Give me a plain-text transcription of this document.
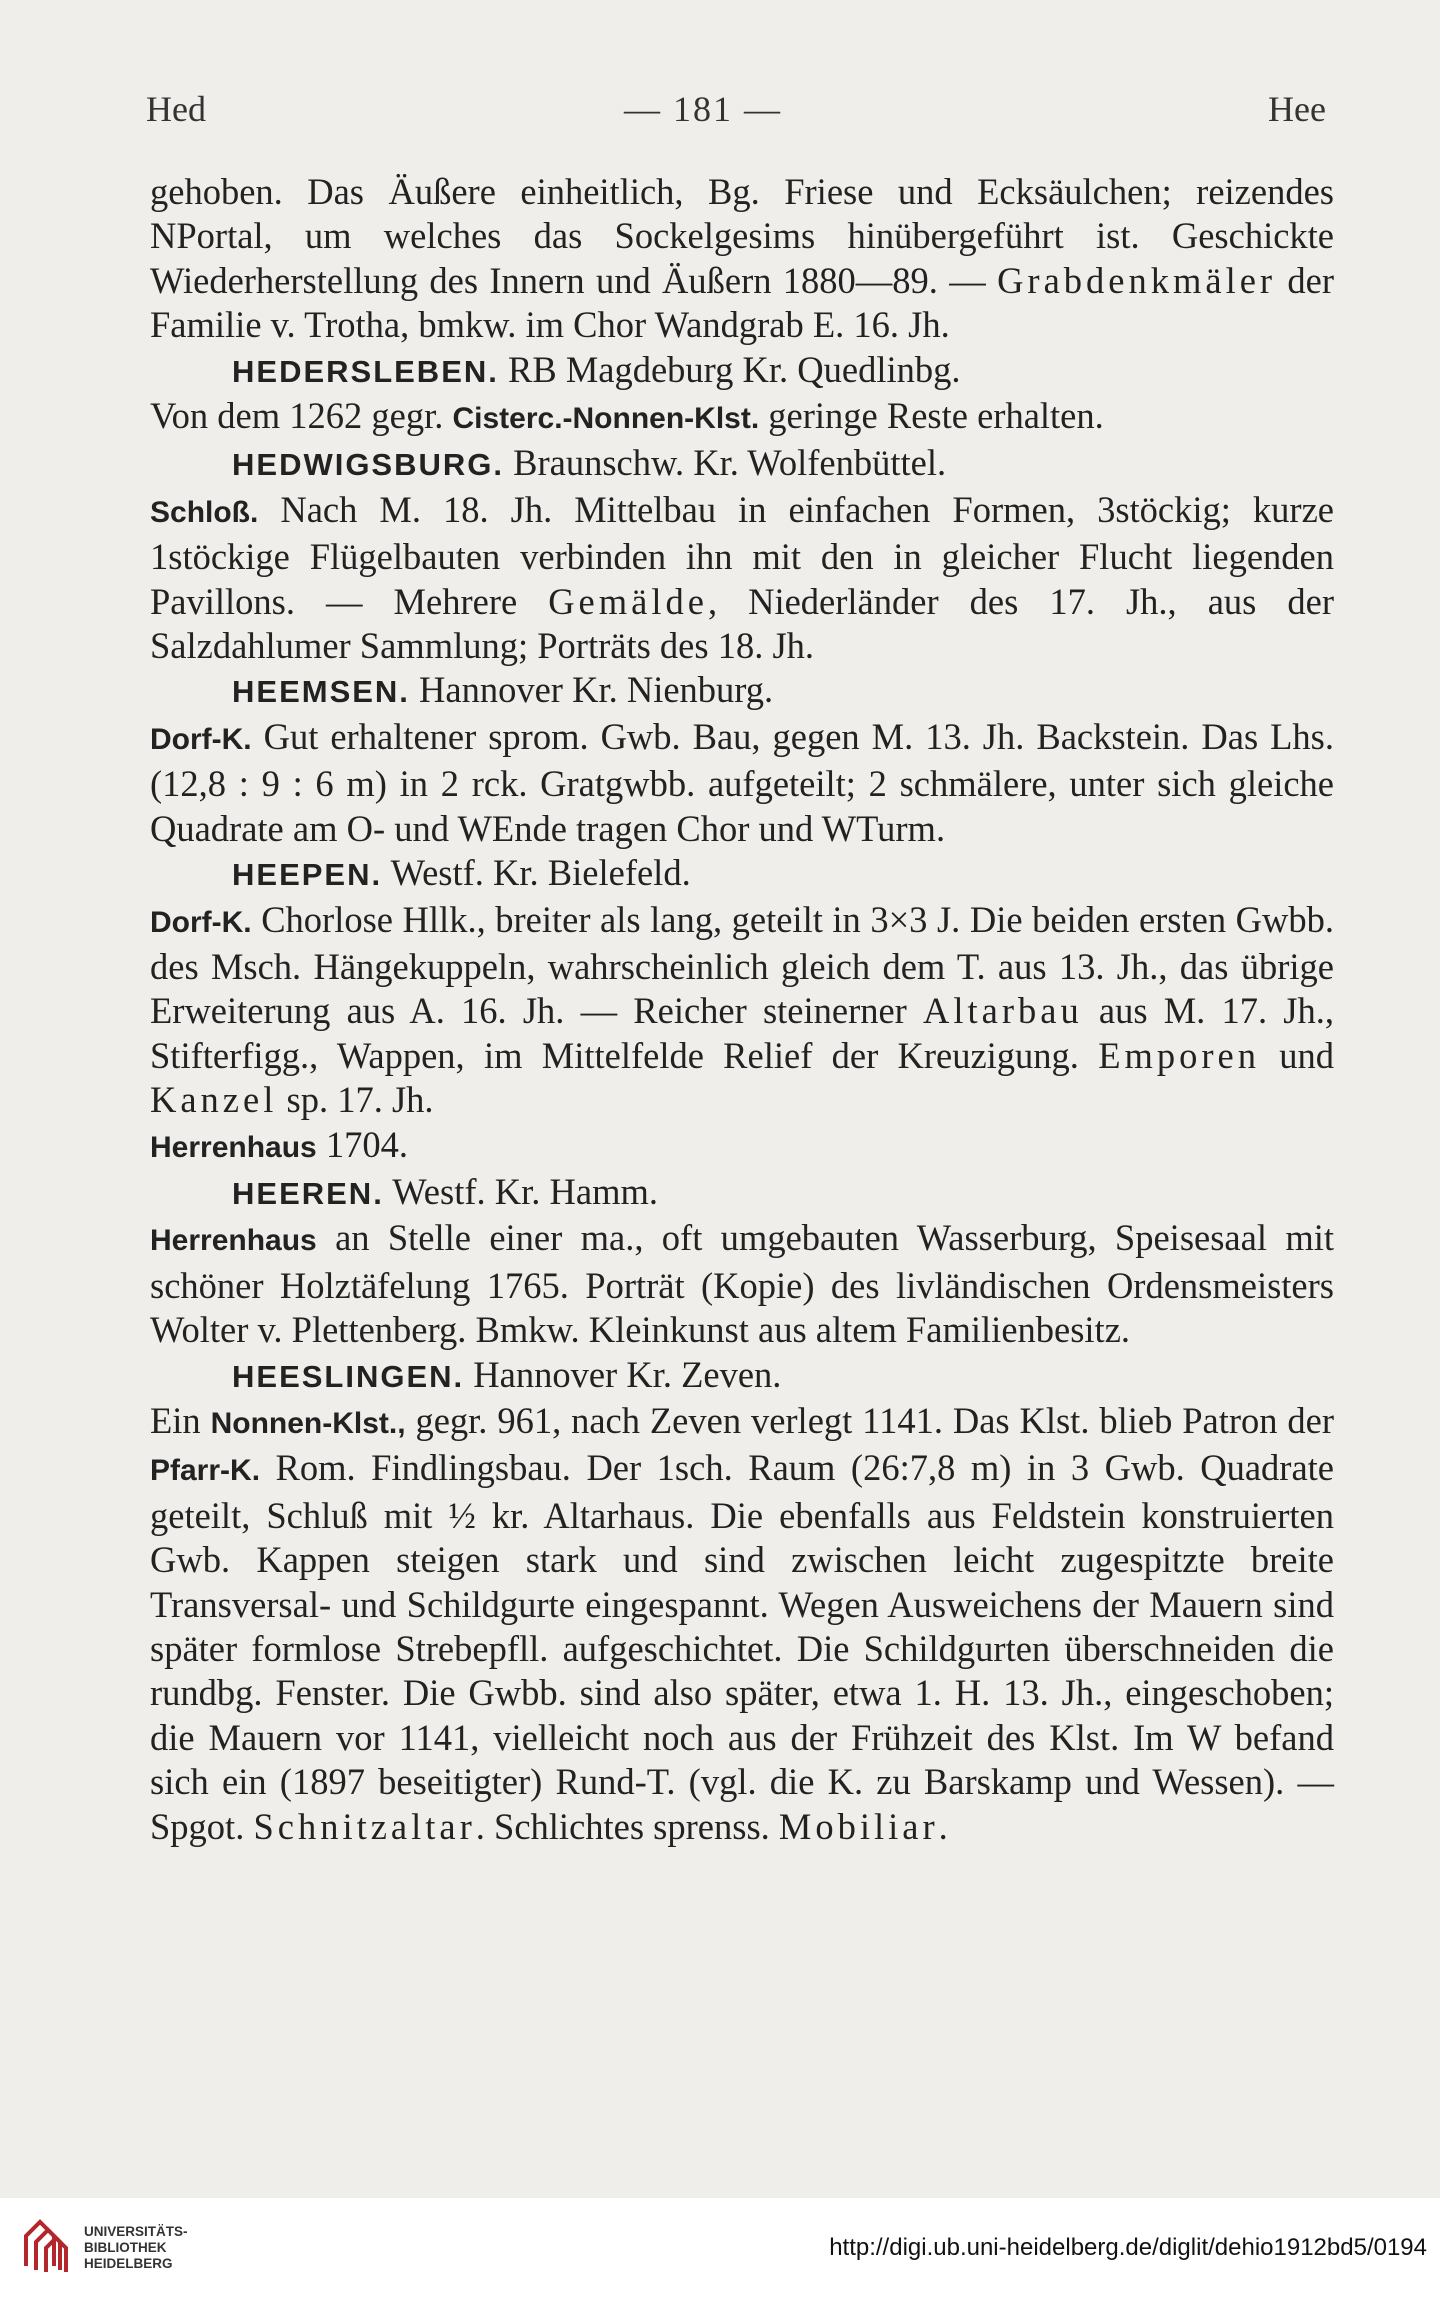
Hed	— 181 —	Hee

gehoben. Das Äußere einheitlich, Bg. Friese und Ecksäulchen; reizendes NPortal, um welches das Sockelgesims hinübergeführt ist. Geschickte Wiederherstellung des Innern und Äußern 1880—89. — Grabdenkmäler der Familie v. Trotha, bmkw. im Chor Wandgrab E. 16. Jh.

HEDERSLEBEN. RB Magdeburg Kr. Quedlinbg.

Von dem 1262 gegr. Cisterc.-Nonnen-Klst. geringe Reste erhalten.

HEDWIGSBURG. Braunschw. Kr. Wolfenbüttel.

Schloß. Nach M. 18. Jh. Mittelbau in einfachen Formen, 3stöckig; kurze 1stöckige Flügelbauten verbinden ihn mit den in gleicher Flucht liegenden Pavillons. — Mehrere Gemälde, Niederländer des 17. Jh., aus der Salzdahlumer Sammlung; Porträts des 18. Jh.

HEEMSEN. Hannover Kr. Nienburg.

Dorf-K. Gut erhaltener sprom. Gwb. Bau, gegen M. 13. Jh. Backstein. Das Lhs. (12,8 : 9 : 6 m) in 2 rck. Gratgwbb. aufgeteilt; 2 schmälere, unter sich gleiche Quadrate am O- und WEnde tragen Chor und WTurm.

HEEPEN. Westf. Kr. Bielefeld.

Dorf-K. Chorlose Hllk., breiter als lang, geteilt in 3×3 J. Die beiden ersten Gwbb. des Msch. Hängekuppeln, wahrscheinlich gleich dem T. aus 13. Jh., das übrige Erweiterung aus A. 16. Jh. — Reicher steinerner Altarbau aus M. 17. Jh., Stifterfigg., Wappen, im Mittelfelde Relief der Kreuzigung. Emporen und Kanzel sp. 17. Jh.

Herrenhaus 1704.

HEEREN. Westf. Kr. Hamm.

Herrenhaus an Stelle einer ma., oft umgebauten Wasserburg, Speisesaal mit schöner Holztäfelung 1765. Porträt (Kopie) des livländischen Ordensmeisters Wolter v. Plettenberg. Bmkw. Kleinkunst aus altem Familienbesitz.

HEESLINGEN. Hannover Kr. Zeven.

Ein Nonnen-Klst., gegr. 961, nach Zeven verlegt 1141. Das Klst. blieb Patron der Pfarr-K. Rom. Findlingsbau. Der 1sch. Raum (26:7,8 m) in 3 Gwb. Quadrate geteilt, Schluß mit ½ kr. Altarhaus. Die ebenfalls aus Feldstein konstruierten Gwb. Kappen steigen stark und sind zwischen leicht zugespitzte breite Transversal- und Schildgurte eingespannt. Wegen Ausweichens der Mauern sind später formlose Strebepfll. aufgeschichtet. Die Schildgurten überschneiden die rundbg. Fenster. Die Gwbb. sind also später, etwa 1. H. 13. Jh., eingeschoben; die Mauern vor 1141, vielleicht noch aus der Frühzeit des Klst. Im W befand sich ein (1897 beseitigter) Rund-T. (vgl. die K. zu Barskamp und Wessen). — Spgot. Schnitzaltar. Schlichtes sprenss. Mobiliar.

UNIVERSITÄTS-
BIBLIOTHEK
HEIDELBERG
http://digi.ub.uni-heidelberg.de/diglit/dehio1912bd5/0194
